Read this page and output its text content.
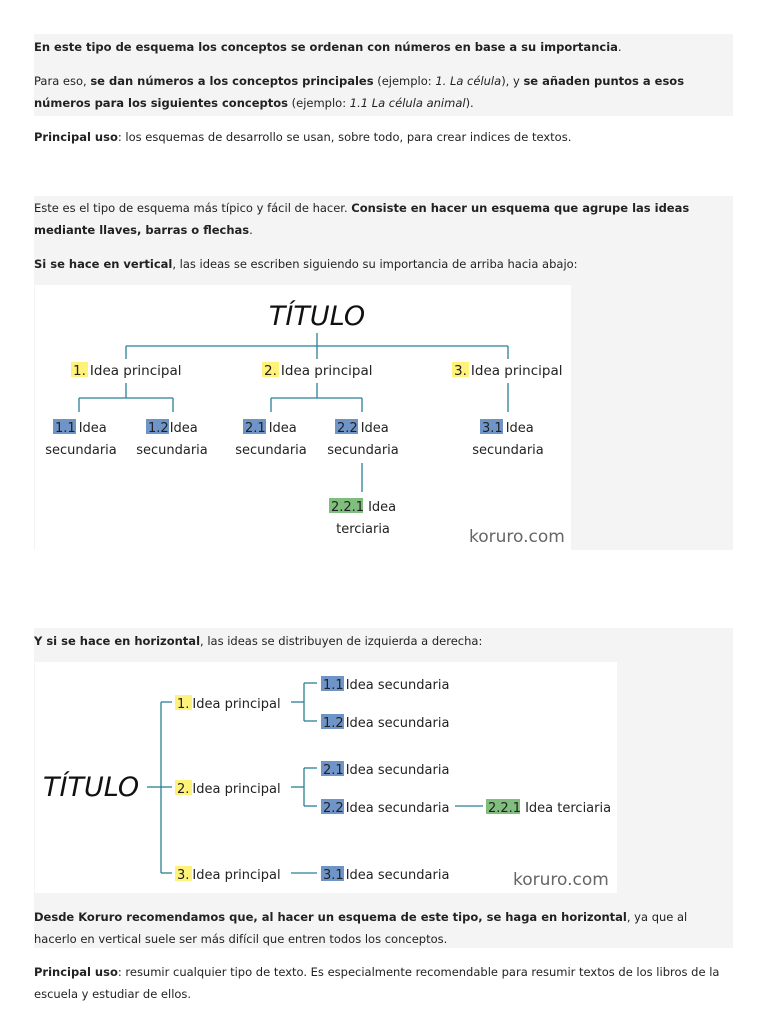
En este tipo de esquema los conceptos se ordenan con números en base a su importancia.

Para eso, se dan números a los conceptos principales (ejemplo: 1. La célula), y se añaden puntos a esos números para los siguientes conceptos (ejemplo: 1.1 La célula animal).

Principal uso: los esquemas de desarrollo se usan, sobre todo, para crear indices de textos.

Este es el tipo de esquema más típico y fácil de hacer. Consiste en hacer un esquema que agrupe las ideas mediante llaves, barras o flechas.

Si se hace en vertical, las ideas se escriben siguiendo su importancia de arriba hacia abajo:

TÍTULO
1. Idea principal	2. Idea principal	3. Idea principal
1.1 Idea
secundaria
1.2Idea
secundaria
2.1 Idea
secundaria
2.2 Idea
secundaria
3.1 Idea
secundaria
2.2.1 Idea
terciaria	koruro.com

Y si se hace en horizontal, las ideas se distribuyen de izquierda a derecha:

TÍTULO
1. Idea principal
2. Idea principal
3. Idea principal
1.1 Idea secundaria
1.2 Idea secundaria
2.1 Idea secundaria
2.2 Idea secundaria
3.1 Idea secundaria
2.2.1 Idea terciaria
koruro.com

Desde Koruro recomendamos que, al hacer un esquema de este tipo, se haga en horizontal, ya que al hacerlo en vertical suele ser más difícil que entren todos los conceptos.

Principal uso: resumir cualquier tipo de texto. Es especialmente recomendable para resumir textos de los libros de la escuela y estudiar de ellos.
